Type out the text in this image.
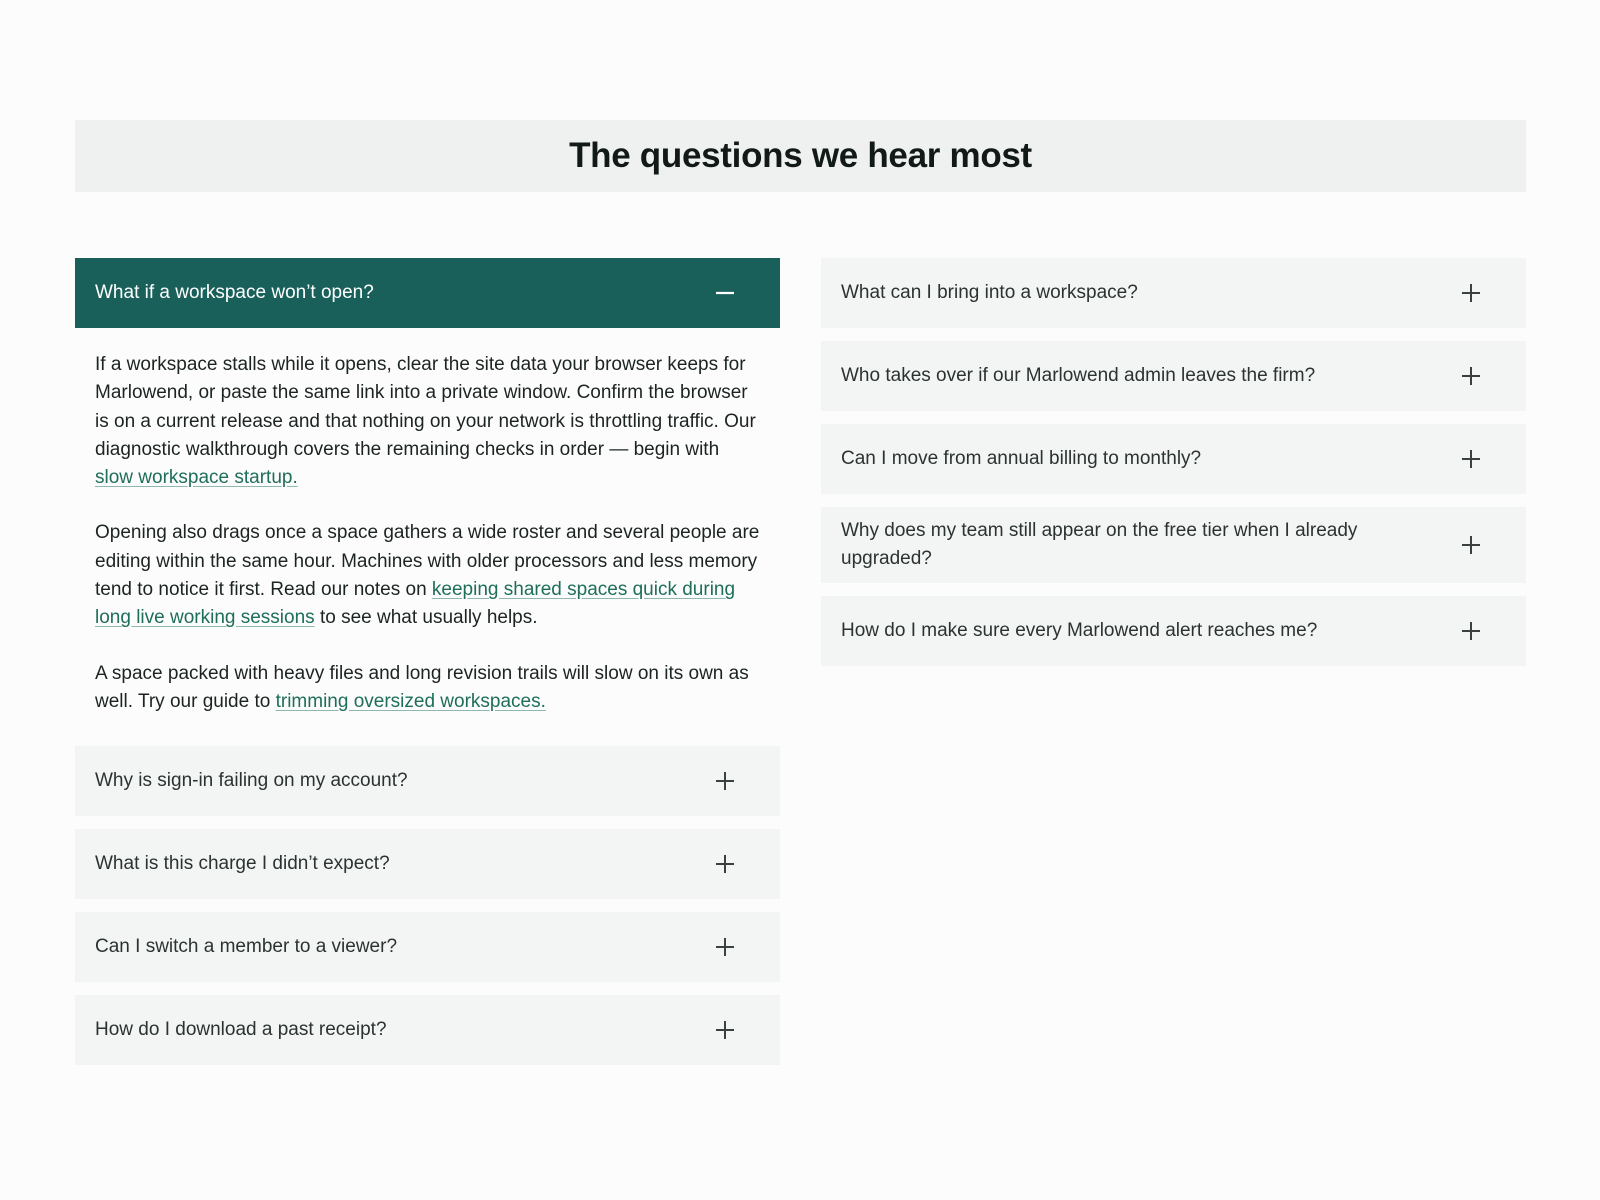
The questions we hear most
What if a workspace won’t open?

If a workspace stalls while it opens, clear the site data your browser keeps for Marlowend, or paste the same link into a private window. Confirm the browser is on a current release and that nothing on your network is throttling traffic. Our diagnostic walkthrough covers the remaining checks in order — begin with slow workspace startup.

Opening also drags once a space gathers a wide roster and several people are editing within the same hour. Machines with older processors and less memory tend to notice it first. Read our notes on keeping shared spaces quick during long live working sessions to see what usually helps.

A space packed with heavy files and long revision trails will slow on its own as well. Try our guide to trimming oversized workspaces.

Why is sign-in failing on my account?
What is this charge I didn’t expect?
Can I switch a member to a viewer?
How do I download a past receipt?
What can I bring into a workspace?
Who takes over if our Marlowend admin leaves the firm?
Can I move from annual billing to monthly?
Why does my team still appear on the free tier when I already upgraded?
How do I make sure every Marlowend alert reaches me?
